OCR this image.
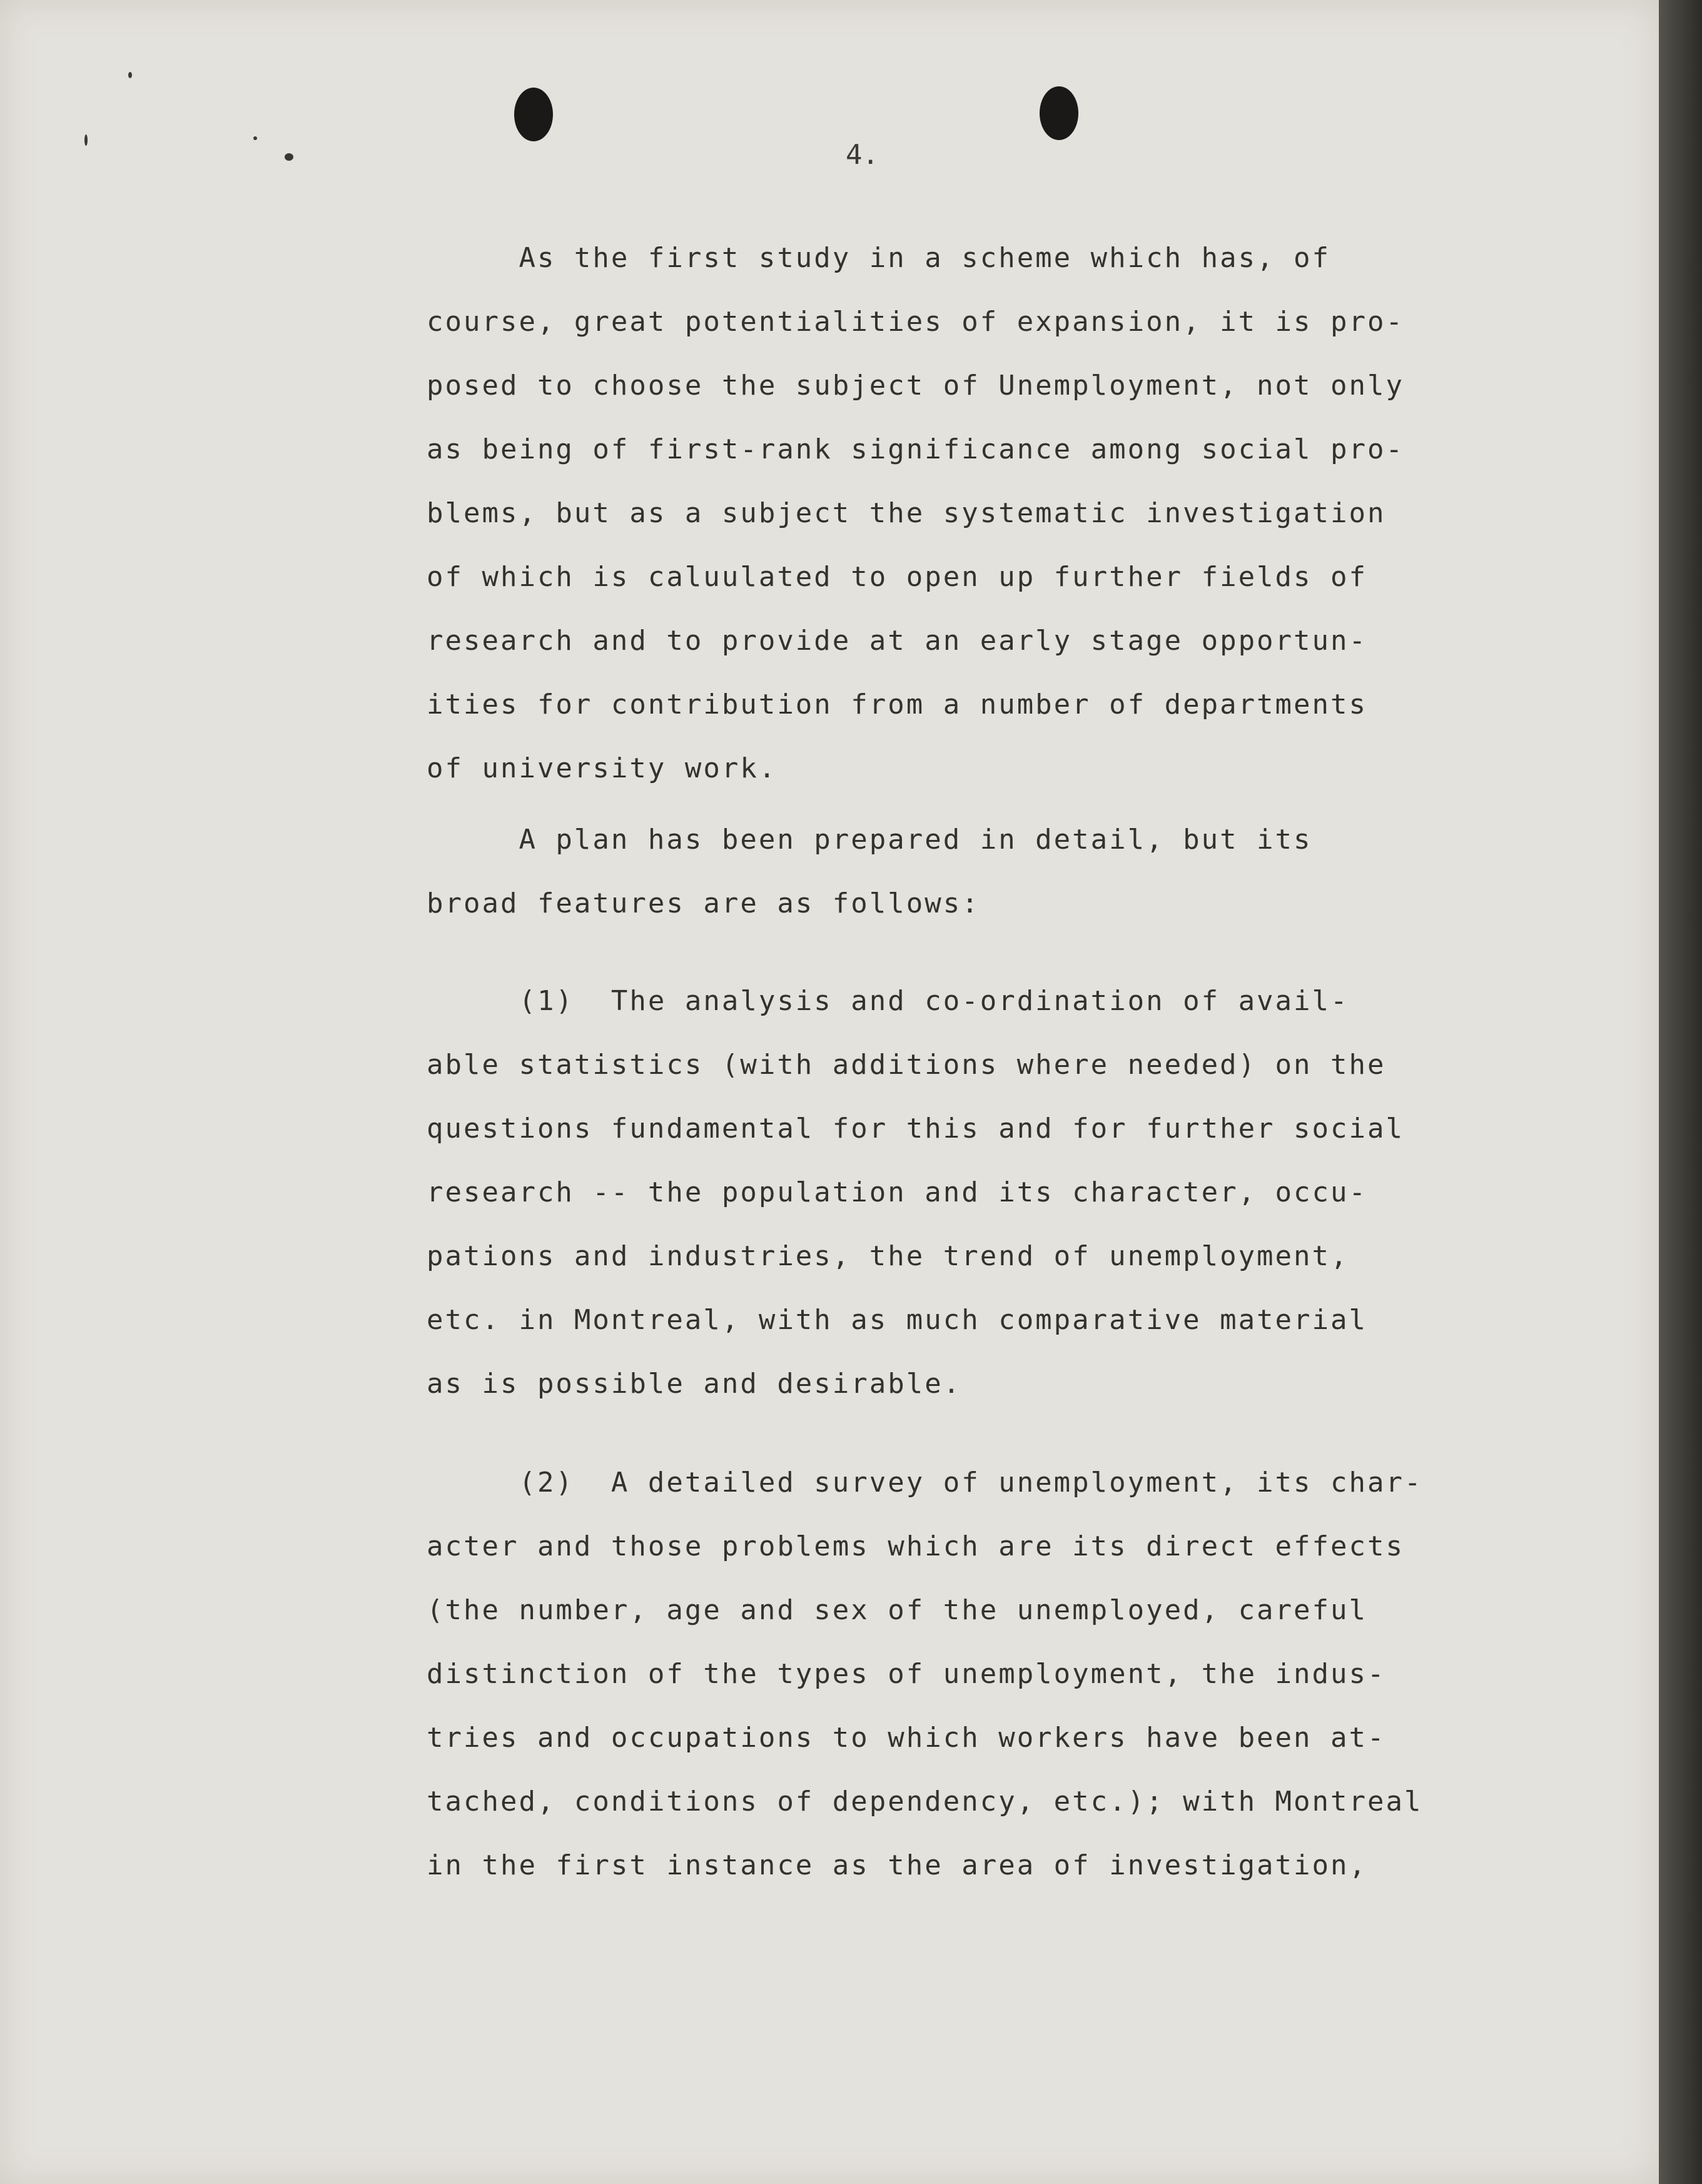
4.
As the first study in a scheme which has, of
course, great potentialities of expansion, it is pro-
posed to choose the subject of Unemployment, not only
as being of first-rank significance among social pro-
blems, but as a subject the systematic investigation
of which is caluulated to open up further fields of
research and to provide at an early stage opportun-
ities for contribution from a number of departments
of university work.
A plan has been prepared in detail, but its
broad features are as follows:
(1)  The analysis and co-ordination of avail-
able statistics (with additions where needed) on the
questions fundamental for this and for further social
research -- the population and its character, occu-
pations and industries, the trend of unemployment,
etc. in Montreal, with as much comparative material
as is possible and desirable.
(2)  A detailed survey of unemployment, its char-
acter and those problems which are its direct effects
(the number, age and sex of the unemployed, careful
distinction of the types of unemployment, the indus-
tries and occupations to which workers have been at-
tached, conditions of dependency, etc.); with Montreal
in the first instance as the area of investigation,
